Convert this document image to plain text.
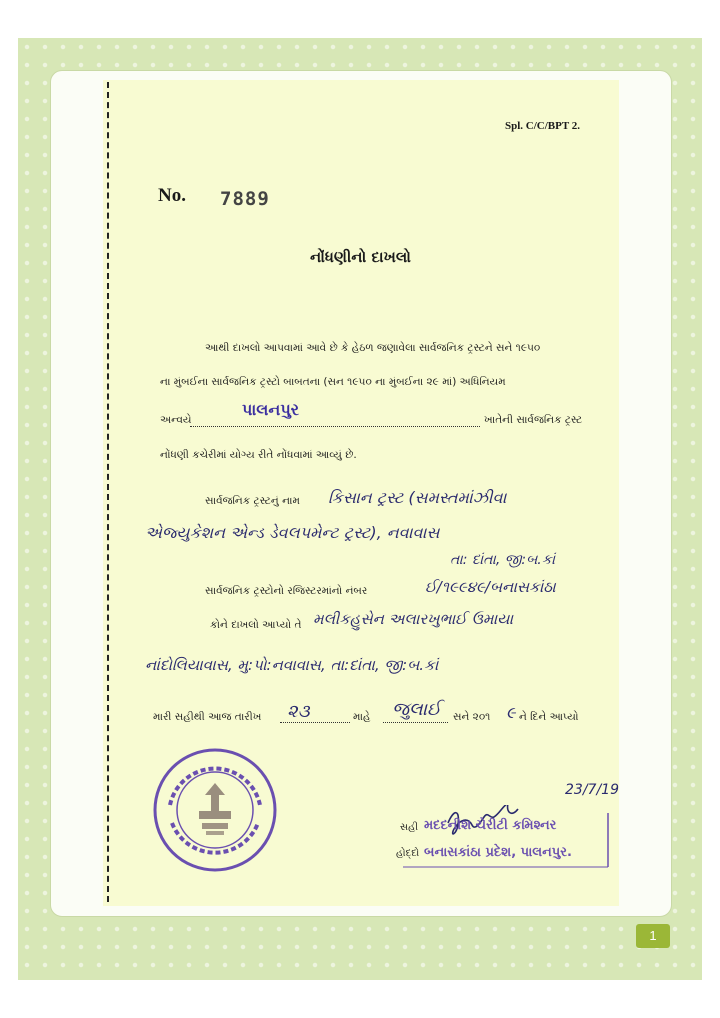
Spl. C/C/BPT 2.
No. 7889
નોંધણીનો દાખલો
આથી દાખલો આપવામાં આવે છે કે હેઠળ જણાવેલા સાર્વજનિક ટ્રસ્ટને સને ૧૯૫૦
ના મુંબઈના સાર્વજનિક ટ્રસ્ટો બાબતના (સન ૧૯૫૦ ના મુંબઈના ૨૯ માં) અધિનિયમ
અન્વયે
પાલનપુર
ખાતેની સાર્વજનિક ટ્રસ્ટ
નોંધણી કચેરીમાં યોગ્ય રીતે નોંધવામાં આવ્યું છે.
સાર્વજનિક ટ્રસ્ટનું નામ કિસાન ટ્રસ્ટ (સમસ્તમાંઝીવા
એજ્યુકેશન એન્ડ ડેવલપમેન્ટ ટ્રસ્ટ), નવાવાસ
તા: દાંતા, જી:બ.કાં
સાર્વજનિક ટ્રસ્ટોનો રજિસ્ટરમાંનો નંબર	ઈ/૧૯૯૪૯/બનાસકાંઠા
કોને દાખલો આપ્યો તે મલીકહુસેન અલારખુભાઈ ઉમાયા
નાંદોલિયાવાસ, મુ:પો:નવાવાસ, તા:દાંતા, જી:બ.કાં
મારી સહીથી આજ તારીખ ૨૩	માહે જુલાઈ સને ૨૦૧ ૯ ને દિને આપ્યો
23/7/19
સહી મદદનીશ ચેરીટી કમિશ્નર
હોદ્દો બનાસકાંઠા પ્રદેશ, પાલનપુર.
1
